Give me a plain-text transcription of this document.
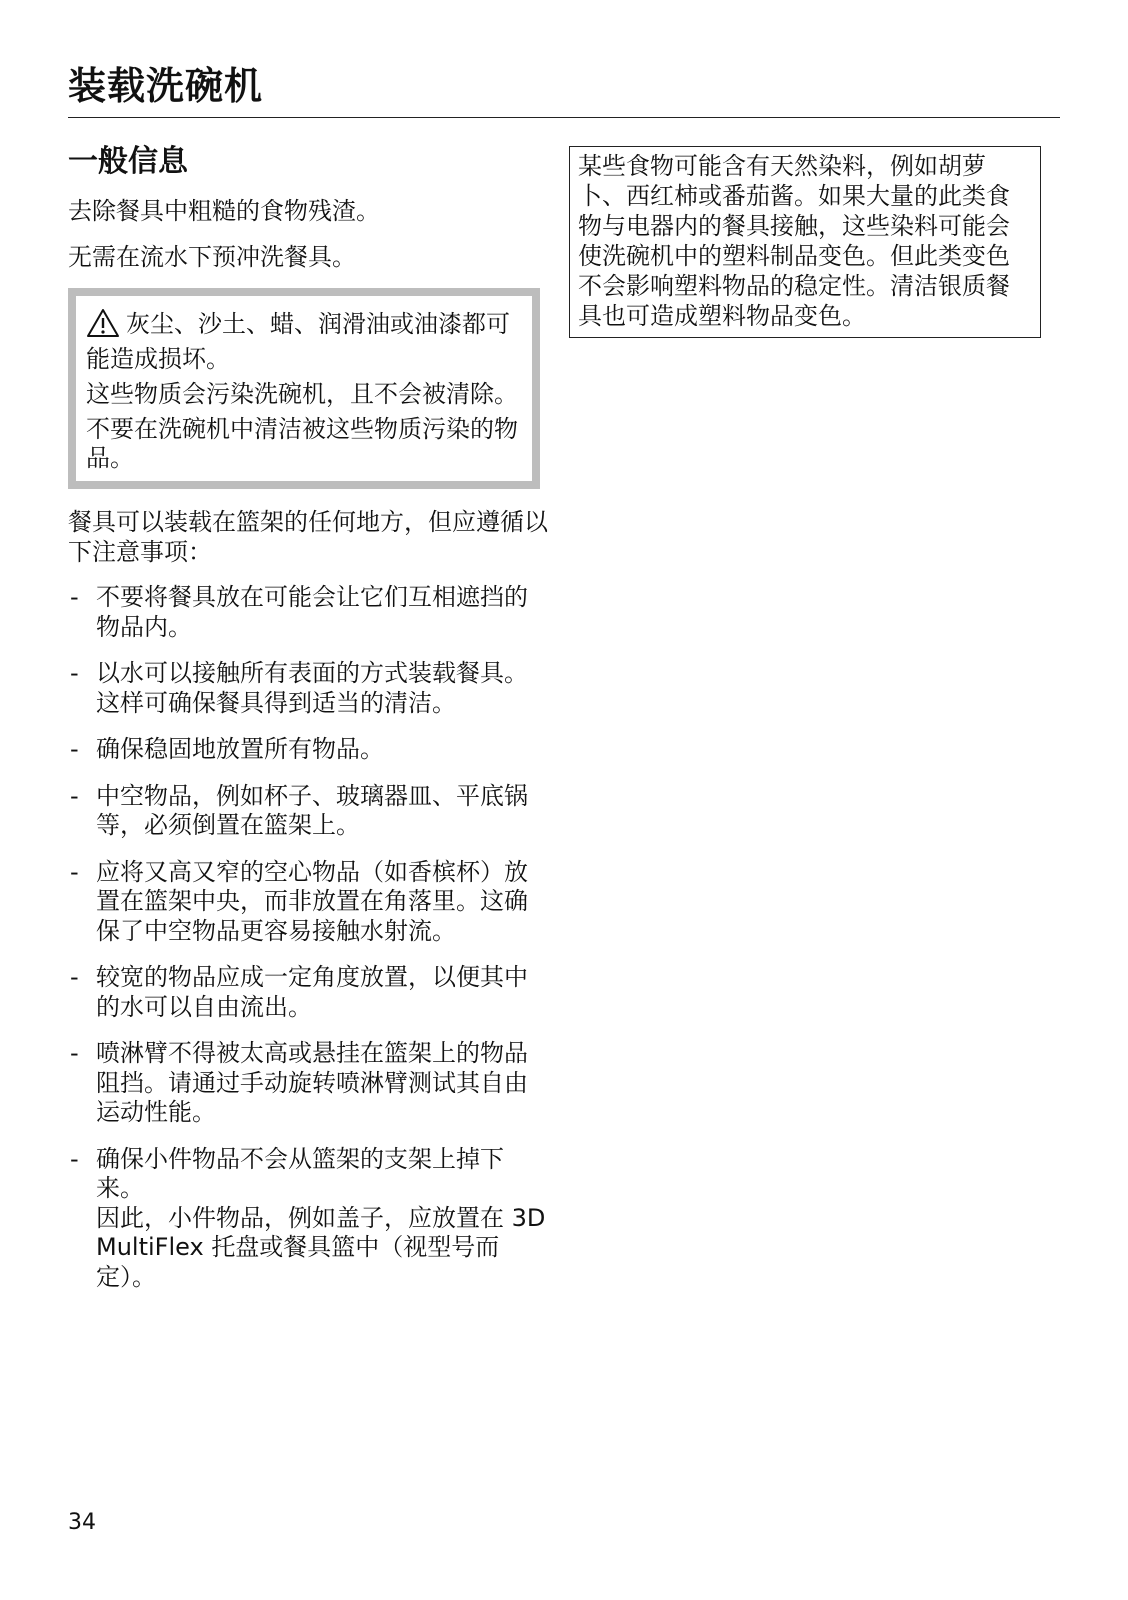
装载洗碗机
一般信息

去除餐具中粗糙的食物残渣。

无需在流水下预冲洗餐具。

灰尘、沙土、蜡、润滑油或油漆都可能造成损坏。

这些物质会污染洗碗机，且不会被清除。

不要在洗碗机中清洁被这些物质污染的物品。

餐具可以装载在篮架的任何地方，但应遵循以下注意事项：

- 不要将餐具放在可能会让它们互相遮挡的物品内。
- 以水可以接触所有表面的方式装载餐具。这样可确保餐具得到适当的清洁。
- 确保稳固地放置所有物品。
- 中空物品，例如杯子、玻璃器皿、平底锅等，必须倒置在篮架上。
- 应将又高又窄的空心物品（如香槟杯）放置在篮架中央，而非放置在角落里。这确保了中空物品更容易接触水射流。
- 较宽的物品应成一定角度放置，以便其中的水可以自由流出。
- 喷淋臂不得被太高或悬挂在篮架上的物品阻挡。请通过手动旋转喷淋臂测试其自由运动性能。
- 确保小件物品不会从篮架的支架上掉下来。
因此，小件物品，例如盖子，应放置在 3D MultiFlex 托盘或餐具篮中（视型号而定）。

某些食物可能含有天然染料，例如胡萝卜、西红柿或番茄酱。如果大量的此类食物与电器内的餐具接触，这些染料可能会使洗碗机中的塑料制品变色。但此类变色不会影响塑料物品的稳定性。清洁银质餐具也可造成塑料物品变色。

34
